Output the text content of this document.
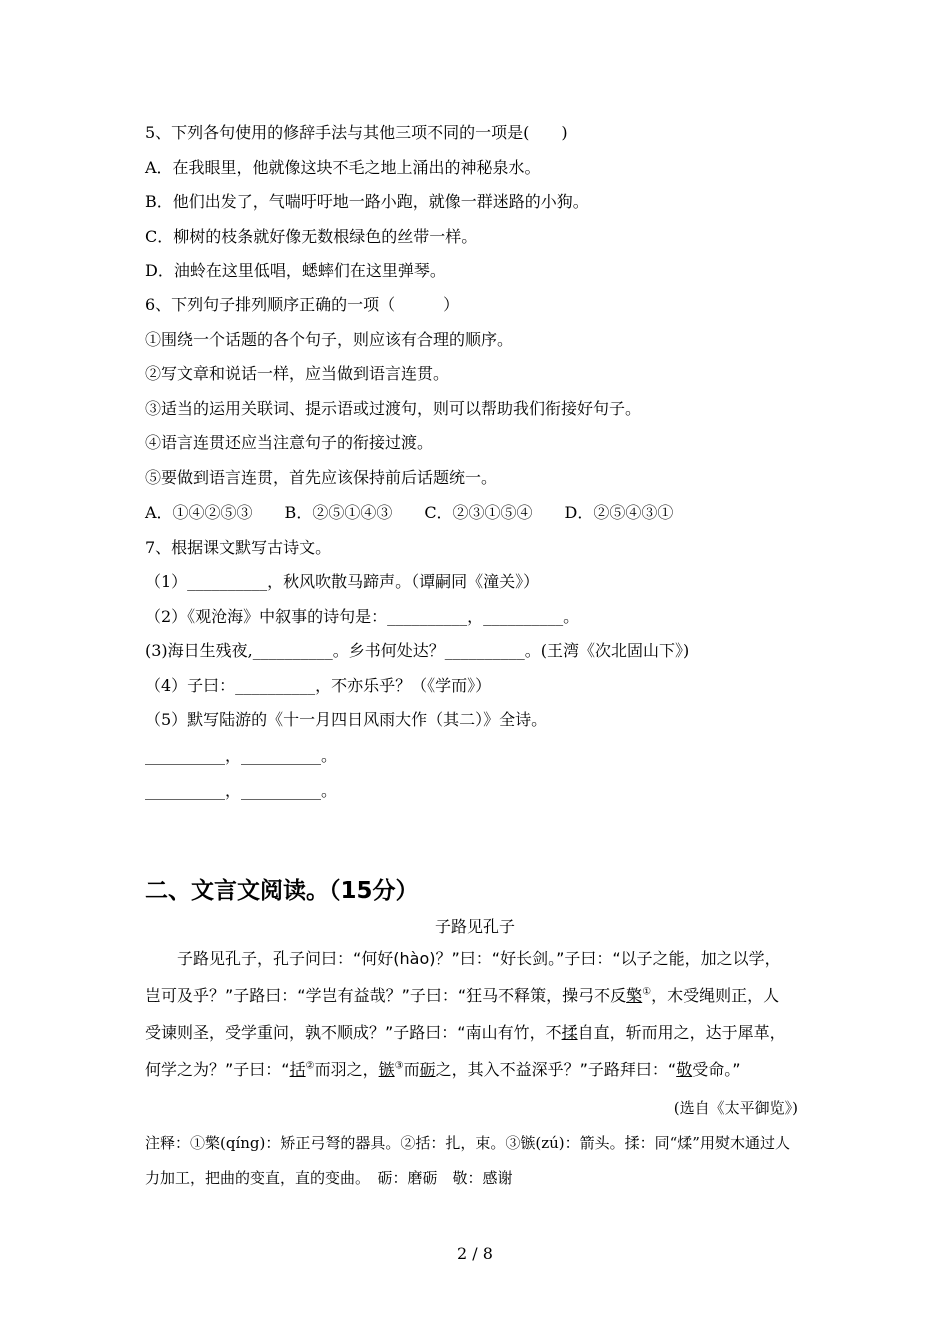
5、下列各句使用的修辞手法与其他三项不同的一项是(　　)
A．在我眼里，他就像这块不毛之地上涌出的神秘泉水。
B．他们出发了，气喘吁吁地一路小跑，就像一群迷路的小狗。
C．柳树的枝条就好像无数根绿色的丝带一样。
D．油蛉在这里低唱，蟋蟀们在这里弹琴。
6、下列句子排列顺序正确的一项（　　　）
①围绕一个话题的各个句子，则应该有合理的顺序。
②写文章和说话一样，应当做到语言连贯。
③适当的运用关联词、提示语或过渡句，则可以帮助我们衔接好句子。
④语言连贯还应当注意句子的衔接过渡。
⑤要做到语言连贯，首先应该保持前后话题统一。
A．①④②⑤③　　B．②⑤①④③　　C．②③①⑤④　　D．②⑤④③①
7、根据课文默写古诗文。
（1）__________，秋风吹散马蹄声。（谭嗣同《潼关》）
（2）《观沧海》中叙事的诗句是：__________，__________。
(3)海日生残夜,__________。乡书何处达？__________。(王湾《次北固山下》)
（4）子曰：__________，不亦乐乎？（《学而》）
（5）默写陆游的《十一月四日风雨大作（其二）》全诗。
__________，__________。
__________，__________。
二、文言文阅读。（15分）
子路见孔子
子路见孔子，孔子问曰：“何好(hào)？”曰：“好长剑。”子曰：“以子之能，加之以学，
岂可及乎？”子路曰：“学岂有益哉？”子曰：“狂马不释策，操弓不反檠①，木受绳则正，人
受谏则圣，受学重问，孰不顺成？”子路曰：“南山有竹，不揉自直，斩而用之，达于犀革，
何学之为？”子曰：“括②而羽之，镞③而砺之，其入不益深乎？”子路拜曰：“敬受命。”
(选自《太平御览》)
注释：①檠(qíng)：矫正弓弩的器具。②括：扎，束。③镞(zú)：箭头。揉：同“煣”用熨木通过人
力加工，把曲的变直，直的变曲。　砺：磨砺　敬：感谢
2 / 8
